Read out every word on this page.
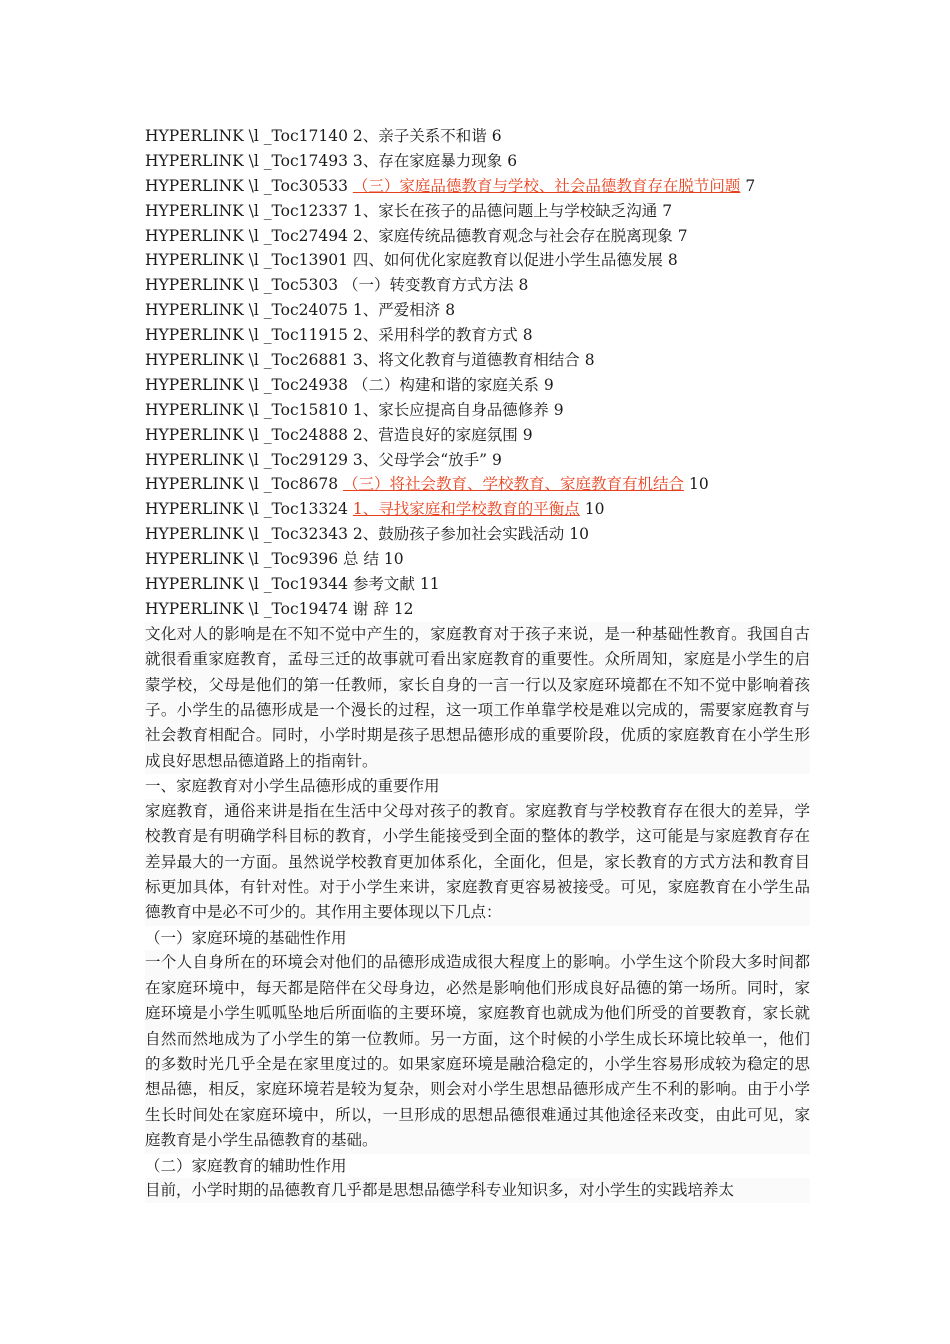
HYPERLINK \l _Toc17140 2、亲子关系不和谐 6
HYPERLINK \l _Toc17493 3、存在家庭暴力现象 6
HYPERLINK \l _Toc30533 （三）家庭品德教育与学校、社会品德教育存在脱节问题 7
HYPERLINK \l _Toc12337 1、家长在孩子的品德问题上与学校缺乏沟通 7
HYPERLINK \l _Toc27494 2、家庭传统品德教育观念与社会存在脱离现象 7
HYPERLINK \l _Toc13901 四、如何优化家庭教育以促进小学生品德发展 8
HYPERLINK \l _Toc5303 （一）转变教育方式方法 8
HYPERLINK \l _Toc24075 1、严爱相济 8
HYPERLINK \l _Toc11915 2、采用科学的教育方式 8
HYPERLINK \l _Toc26881 3、将文化教育与道德教育相结合 8
HYPERLINK \l _Toc24938 （二）构建和谐的家庭关系 9
HYPERLINK \l _Toc15810 1、家长应提高自身品德修养 9
HYPERLINK \l _Toc24888 2、营造良好的家庭氛围 9
HYPERLINK \l _Toc29129 3、父母学会“放手” 9
HYPERLINK \l _Toc8678 （三）将社会教育、学校教育、家庭教育有机结合 10
HYPERLINK \l _Toc13324 1、寻找家庭和学校教育的平衡点 10
HYPERLINK \l _Toc32343 2、鼓励孩子参加社会实践活动 10
HYPERLINK \l _Toc9396 总 结 10
HYPERLINK \l _Toc19344 参考文献 11
HYPERLINK \l _Toc19474 谢 辞 12
文化对人的影响是在不知不觉中产生的，家庭教育对于孩子来说，是一种基础性教育。我国自古就很看重家庭教育，孟母三迁的故事就可看出家庭教育的重要性。众所周知，家庭是小学生的启蒙学校，父母是他们的第一任教师，家长自身的一言一行以及家庭环境都在不知不觉中影响着孩子。小学生的品德形成是一个漫长的过程，这一项工作单靠学校是难以完成的，需要家庭教育与社会教育相配合。同时，小学时期是孩子思想品德形成的重要阶段，优质的家庭教育在小学生形成良好思想品德道路上的指南针。
一、家庭教育对小学生品德形成的重要作用
家庭教育，通俗来讲是指在生活中父母对孩子的教育。家庭教育与学校教育存在很大的差异，学校教育是有明确学科目标的教育，小学生能接受到全面的整体的教学，这可能是与家庭教育存在差异最大的一方面。虽然说学校教育更加体系化，全面化，但是，家长教育的方式方法和教育目标更加具体，有针对性。对于小学生来讲，家庭教育更容易被接受。可见，家庭教育在小学生品德教育中是必不可少的。其作用主要体现以下几点：
（一）家庭环境的基础性作用
一个人自身所在的环境会对他们的品德形成造成很大程度上的影响。小学生这个阶段大多时间都在家庭环境中，每天都是陪伴在父母身边，必然是影响他们形成良好品德的第一场所。同时，家庭环境是小学生呱呱坠地后所面临的主要环境，家庭教育也就成为他们所受的首要教育，家长就自然而然地成为了小学生的第一位教师。另一方面，这个时候的小学生成长环境比较单一，他们的多数时光几乎全是在家里度过的。如果家庭环境是融洽稳定的，小学生容易形成较为稳定的思想品德，相反，家庭环境若是较为复杂，则会对小学生思想品德形成产生不利的影响。由于小学生长时间处在家庭环境中，所以，一旦形成的思想品德很难通过其他途径来改变，由此可见，家庭教育是小学生品德教育的基础。
（二）家庭教育的辅助性作用
目前，小学时期的品德教育几乎都是思想品德学科专业知识多，对小学生的实践培养太
